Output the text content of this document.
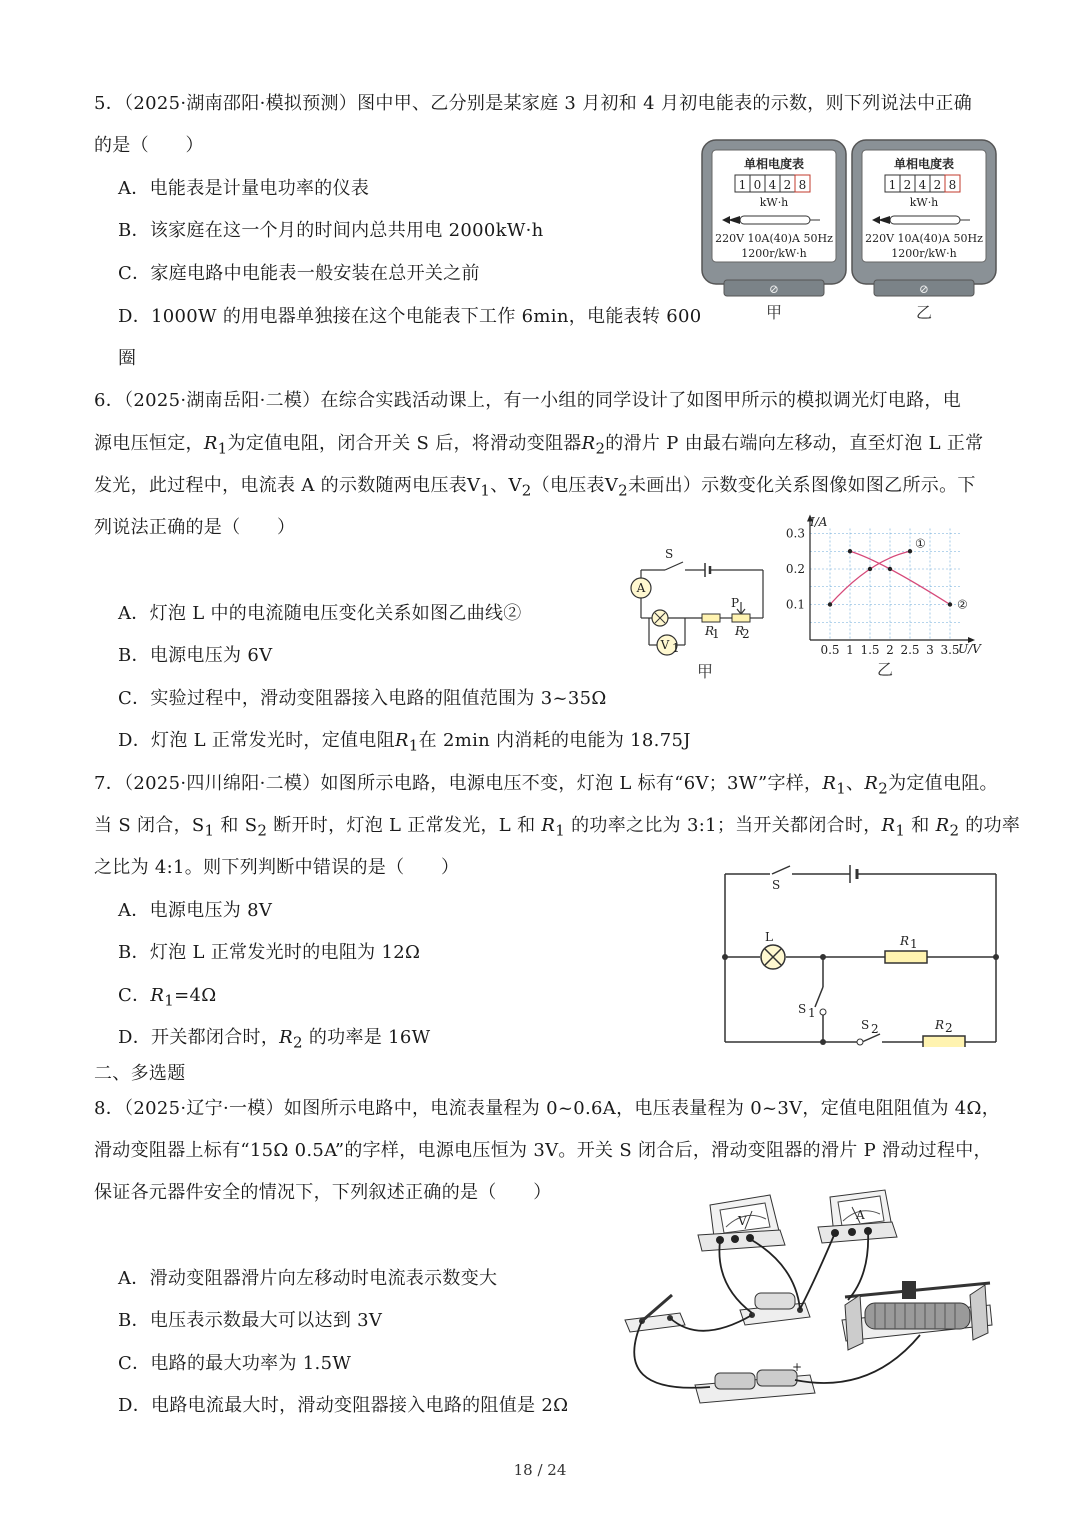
5．（2025·湖南邵阳·模拟预测）图中甲、乙分别是某家庭 3 月初和 4 月初电能表的示数，则下列说法中正确
的是（　　）
A．电能表是计量电功率的仪表
B．该家庭在这一个月的时间内总共用电 2000kW·h
C．家庭电路中电能表一般安装在总开关之前
D．1000W 的用电器单独接在这个电能表下工作 6min，电能表转 600
圈
单相电度表
1 0 4 2 8
kW·h
220V 10A(40)A 50Hz
1200r/kW·h
⊘
甲
单相电度表
1 2 4 2 8
kW·h
220V 10A(40)A 50Hz
1200r/kW·h
⊘
乙
6．（2025·湖南岳阳·二模）在综合实践活动课上，有一小组的同学设计了如图甲所示的模拟调光灯电路，电
源电压恒定，$R_1$为定值电阻，闭合开关 S 后，将滑动变阻器$R_2$的滑片 P 由最右端向左移动，直至灯泡 L 正常
发光，此过程中，电流表 A 的示数随两电压表$V_1$、$V_2$（电压表$V_2$未画出）示数变化关系图像如图乙所示。下
列说法正确的是（　　）
A．灯泡 L 中的电流随电压变化关系如图乙曲线②
B．电源电压为 6V
C．实验过程中，滑动变阻器接入电路的阻值范围为 3~35Ω
D．灯泡 L 正常发光时，定值电阻$R_1$在 2min 内消耗的电能为 18.75J
A
V 1
R
1 R
2
P
S
甲
0.5 1 1.5 2 2.5 3 3.5
0.1
0.2
0.3
①
②
I/A
U/V
乙
7．（2025·四川绵阳·二模）如图所示电路，电源电压不变，灯泡 L 标有“6V；3W”字样，$R_1$、$R_2$为定值电阻。
当 S 闭合，$S_1$ 和 $S_2$ 断开时，灯泡 L 正常发光，L 和 $R_1$ 的功率之比为 3:1；当开关都闭合时，$R_1$ 和 $R_2$ 的功率
之比为 4:1。则下列判断中错误的是（　　）
A．电源电压为 8V
B．灯泡 L 正常发光时的电阻为 12Ω
C．$R_1=4\Omega$
D．开关都闭合时，$R_2$ 的功率是 16W
S
L	R 1
S 1
S 2	R 2
二、多选题
8．（2025·辽宁·一模）如图所示电路中，电流表量程为 0~0.6A，电压表量程为 0~3V，定值电阻阻值为 4Ω，
滑动变阻器上标有“15Ω 0.5A”的字样，电源电压恒为 3V。开关 S 闭合后，滑动变阻器的滑片 P 滑动过程中，
保证各元器件安全的情况下，下列叙述正确的是（　　）
A．滑动变阻器滑片向左移动时电流表示数变大
B．电压表示数最大可以达到 3V
C．电路的最大功率为 1.5W
D．电路电流最大时，滑动变阻器接入电路的阻值是 2Ω
V	A
+
18 / 24
